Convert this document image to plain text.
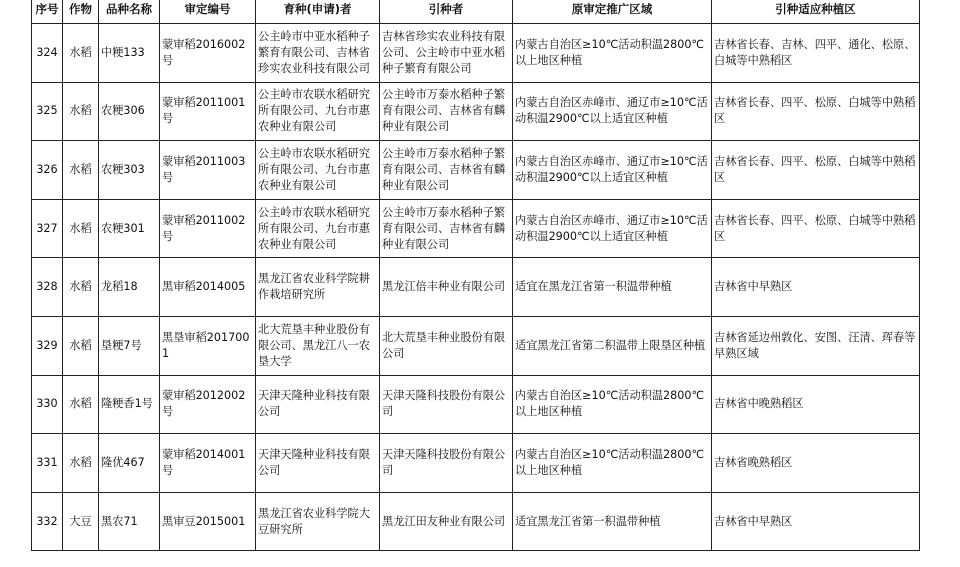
序号	作物	品种名称	审定编号	育种(申请)者	引种者	原审定推广区域	引种适应种植区
324	水稻	中粳133	蒙审稻2016002号	公主岭市中亚水稻种子繁育有限公司、吉林省珍实农业科技有限公司	吉林省珍实农业科技有限公司、公主岭市中亚水稻种子繁育有限公司	内蒙古自治区≥10℃活动积温2800℃以上地区种植	吉林省长春、吉林、四平、通化、松原、白城等中熟稻区
325	水稻	农粳306	蒙审稻2011001号	公主岭市农联水稻研究所有限公司、九台市惠农种业有限公司	公主岭市万泰水稻种子繁育有限公司、吉林省有麟种业有限公司	内蒙古自治区赤峰市、通辽市≥10℃活动积温2900℃以上适宜区种植	吉林省长春、四平、松原、白城等中熟稻区
326	水稻	农粳303	蒙审稻2011003号	公主岭市农联水稻研究所有限公司、九台市惠农种业有限公司	公主岭市万泰水稻种子繁育有限公司、吉林省有麟种业有限公司	内蒙古自治区赤峰市、通辽市≥10℃活动积温2900℃以上适宜区种植	吉林省长春、四平、松原、白城等中熟稻区
327	水稻	农粳301	蒙审稻2011002号	公主岭市农联水稻研究所有限公司、九台市惠农种业有限公司	公主岭市万泰水稻种子繁育有限公司、吉林省有麟种业有限公司	内蒙古自治区赤峰市、通辽市≥10℃活动积温2900℃以上适宜区种植	吉林省长春、四平、松原、白城等中熟稻区
328	水稻	龙稻18	黑审稻2014005	黑龙江省农业科学院耕作栽培研究所	黑龙江倍丰种业有限公司	适宜在黑龙江省第一积温带种植	吉林省中早熟区
329	水稻	垦粳7号	黑垦审稻2017001	北大荒垦丰种业股份有限公司、黑龙江八一农垦大学	北大荒垦丰种业股份有限公司	适宜黑龙江省第二积温带上限垦区种植	吉林省延边州敦化、安图、汪清、珲春等早熟区域
330	水稻	隆粳香1号	蒙审稻2012002号	天津天隆种业科技有限公司	天津天隆科技股份有限公司	内蒙古自治区≥10℃活动积温2800℃以上地区种植	吉林省中晚熟稻区
331	水稻	隆优467	蒙审稻2014001号	天津天隆种业科技有限公司	天津天隆科技股份有限公司	内蒙古自治区≥10℃活动积温2800℃以上地区种植	吉林省晚熟稻区
332	大豆	黑农71	黑审豆2015001	黑龙江省农业科学院大豆研究所	黑龙江田友种业有限公司	适宜黑龙江省第一积温带种植	吉林省中早熟区
